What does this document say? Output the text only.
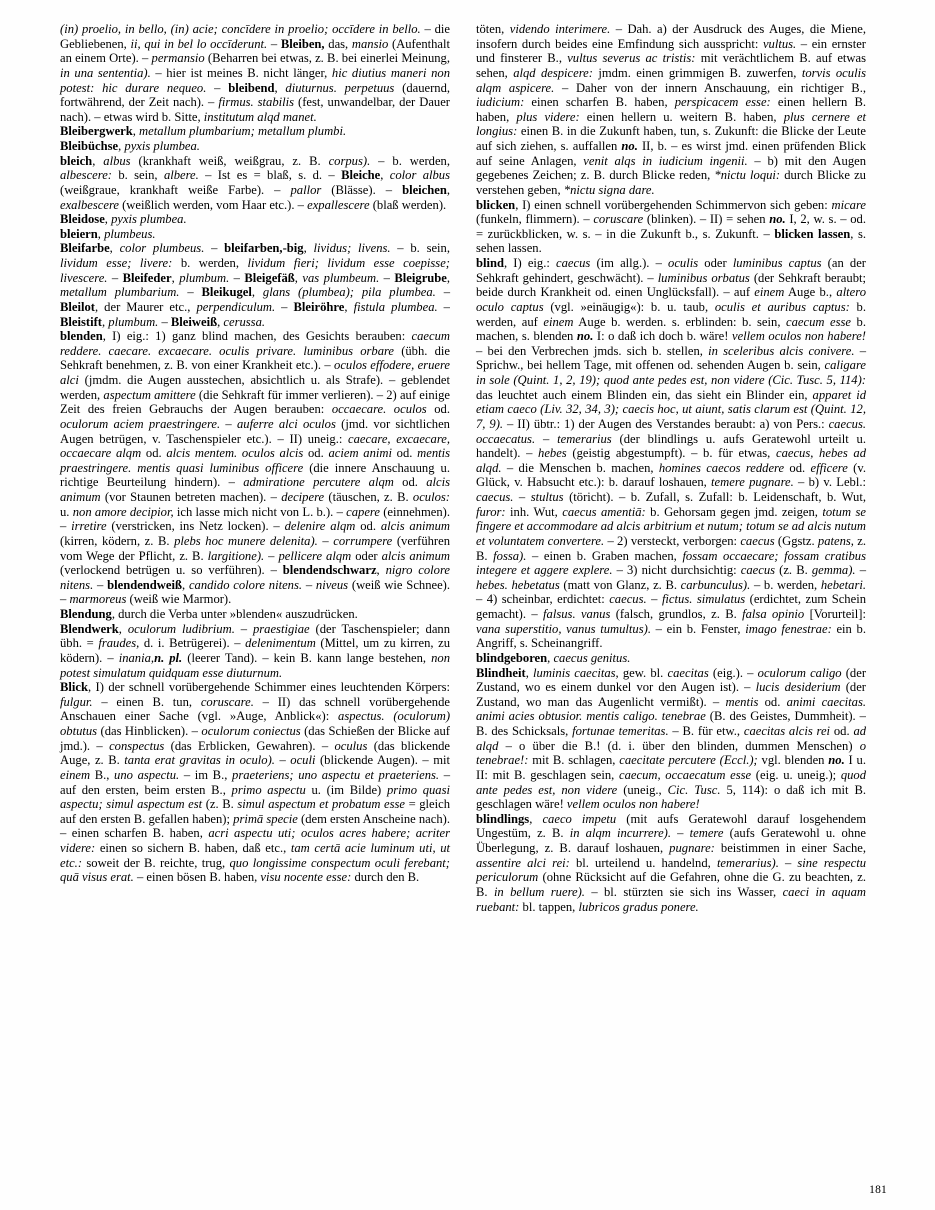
(in) proelio, in bello, (in) acie; concīdere in proelio; occīdere in bello. – die Gebliebenen, ii, qui in bel lo occīderunt. – Bleiben, das, mansio (Aufenthalt an einem Orte). – permansio (Beharren bei etwas, z. B. bei einerlei Meinung, in una sententia). – hier ist meines B. nicht länger, hic diutius maneri non potest: hic durare nequeo. – bleibend, diuturnus. perpetuus (dauernd, fortwährend, der Zeit nach). – firmus. stabilis (fest, unwandelbar, der Dauer nach). – etwas wird b. Sitte, institutum alqd manet.

Bleibergwerk, metallum plumbarium; metallum plumbi.

Bleibüchse, pyxis plumbea.

bleich, albus (krankhaft weiß, weißgrau, z. B. corpus). – b. werden, albescere: b. sein, albere. – Ist es = blaß, s. d. – Bleiche, color albus (weißgraue, krankhaft weiße Farbe). – pallor (Blässe). – bleichen, exalbescere (weißlich werden, vom Haar etc.). – expallescere (blaß werden).

Bleidose, pyxis plumbea.

bleiern, plumbeus.

Bleifarbe, color plumbeus. – bleifarben,-big, lividus; livens. – b. sein, lividum esse; livere: b. werden, lividum fieri; lividum esse coepisse; livescere. – Bleifeder, plumbum. – Bleigefäß, vas plumbeum. – Bleigrube, metallum plumbarium. – Bleikugel, glans (plumbea); pila plumbea. – Bleilot, der Maurer etc., perpendiculum. – Bleiröhre, fistula plumbea. – Bleistift, plumbum. – Bleiweiß, cerussa.

blenden, I) eig.: 1) ganz blind machen, des Gesichts berauben: caecum reddere. caecare. excaecare. oculis privare. luminibus orbare (übh. die Sehkraft benehmen, z. B. von einer Krankheit etc.). – oculos effodere, eruere alci (jmdm. die Augen ausstechen, absichtlich u. als Strafe). – geblendet werden, aspectum amittere (die Sehkraft für immer verlieren). – 2) auf einige Zeit des freien Gebrauchs der Augen berauben: occaecare. oculos od. oculorum aciem praestringere. – auferre alci oculos (jmd. vor sichtlichen Augen betrügen, v. Taschenspieler etc.). – II) uneig.: caecare, excaecare, occaecare alqm od. alcis mentem. oculos alcis od. aciem animi od. mentis praestringere. mentis quasi luminibus officere (die innere Anschauung u. richtige Beurteilung hindern). – admiratione percutere alqm od. alcis animum (vor Staunen betreten machen). – decipere (täuschen, z. B. oculos: u. non amore decipior, ich lasse mich nicht von L. b.). – capere (einnehmen). – irretire (verstricken, ins Netz locken). – delenire alqm od. alcis animum (kirren, ködern, z. B. plebs hoc munere delenita). – corrumpere (verführen vom Wege der Pflicht, z. B. largitione). – pellicere alqm oder alcis animum (verlockend betrügen u. so verführen). – blendendschwarz, nigro colore nitens. – blendendweiß, candido colore nitens. – niveus (weiß wie Schnee). – marmoreus (weiß wie Marmor).

Blendung, durch die Verba unter »blenden« auszudrücken.

Blendwerk, oculorum ludibrium. – praestigiae (der Taschenspieler; dann übh. = fraudes, d. i. Betrügerei). – delenimentum (Mittel, um zu kirren, zu ködern). – inania,n. pl. (leerer Tand). – kein B. kann lange bestehen, non potest simulatum quidquam esse diuturnum.

Blick, I) der schnell vorübergehende Schimmer eines leuchtenden Körpers: fulgur. – einen B. tun, coruscare. – II) das schnell vorübergehende Anschauen einer Sache (vgl. »Auge, Anblick«): aspectus. (oculorum) obtutus (das Hinblicken). – oculorum coniectus (das Schießen der Blicke auf jmd.). – conspectus (das Erblicken, Gewahren). – oculus (das blickende Auge, z. B. tanta erat gravitas in oculo). – oculi (blickende Augen). – mit einem B., uno aspectu. – im B., praeteriens; uno aspectu et praeteriens. – auf den ersten, beim ersten B., primo aspectu u. (im Bilde) primo quasi aspectu; simul aspectum est (z. B. simul aspectum et probatum esse = gleich auf den ersten B. gefallen haben); primā specie (dem ersten Anscheine nach). – einen scharfen B. haben, acri aspectu uti; oculos acres habere; acriter videre: einen so sichern B. haben, daß etc., tam certā acie luminum uti, ut etc.: soweit der B. reichte, trug, quo longissime conspectum oculi ferebant; quā visus erat. – einen bösen B. haben, visu nocente esse: durch den B.

töten, videndo interimere. – Dah. a) der Ausdruck des Auges, die Miene, insofern durch beides eine Emfindung sich ausspricht: vultus. – ein ernster und finsterer B., vultus severus ac tristis: mit verächtlichem B. auf etwas sehen, alqd despicere: jmdm. einen grimmigen B. zuwerfen, torvis oculis alqm aspicere. – Daher von der innern Anschauung, ein richtiger B., iudicium: einen scharfen B. haben, perspicacem esse: einen hellern B. haben, plus videre: einen hellern u. weitern B. haben, plus cernere et longius: einen B. in die Zukunft haben, tun, s. Zukunft: die Blicke der Leute auf sich ziehen, s. auffallen no. II, b. – es wirst jmd. einen prüfenden Blick auf seine Anlagen, venit alqs in iudicium ingenii. – b) mit den Augen gegebenes Zeichen; z. B. durch Blicke reden, *nictu loqui: durch Blicke zu verstehen geben, *nictu signa dare.

blicken, I) einen schnell vorübergehenden Schimmervon sich geben: micare (funkeln, flimmern). – coruscare (blinken). – II) = sehen no. I, 2, w. s. – od. = zurückblicken, w. s. – in die Zukunft b., s. Zukunft. – blicken lassen, s. sehen lassen.

blind, I) eig.: caecus (im allg.). – oculis oder luminibus captus (an der Sehkraft gehindert, geschwächt). – luminibus orbatus (der Sehkraft beraubt; beide durch Krankheit od. einen Unglücksfall). – auf einem Auge b., altero oculo captus (vgl. »einäugig«): b. u. taub, oculis et auribus captus: b. werden, auf einem Auge b. werden. s. erblinden: b. sein, caecum esse b. machen, s. blenden no. I: o daß ich doch b. wäre! vellem oculos non habere! – bei den Verbrechen jmds. sich b. stellen, in sceleribus alcis conivere. – Sprichw., bei hellem Tage, mit offenen od. sehenden Augen b. sein, caligare in sole (Quint. 1, 2, 19); quod ante pedes est, non videre (Cic. Tusc. 5, 114): das leuchtet auch einem Blinden ein, das sieht ein Blinder ein, apparet id etiam caeco (Liv. 32, 34, 3); caecis hoc, ut aiunt, satis clarum est (Quint. 12, 7, 9). – II) übtr.: 1) der Augen des Verstandes beraubt: a) von Pers.: caecus. occaecatus. – temerarius (der blindlings u. aufs Geratewohl urteilt u. handelt). – hebes (geistig abgestumpft). – b. für etwas, caecus, hebes ad alqd. – die Menschen b. machen, homines caecos reddere od. efficere (v. Glück, v. Habsucht etc.): b. darauf loshauen, temere pugnare. – b) v. Lebl.: caecus. – stultus (töricht). – b. Zufall, s. Zufall: b. Leidenschaft, b. Wut, furor: inh. Wut, caecus amentiā: b. Gehorsam gegen jmd. zeigen, totum se fingere et accommodare ad alcis arbitrium et nutum; totum se ad alcis nutum et voluntatem convertere. – 2) versteckt, verborgen: caecus (Ggstz. patens, z. B. fossa). – einen b. Graben machen, fossam occaecare; fossam cratibus integere et aggere explere. – 3) nicht durchsichtig: caecus (z. B. gemma). – hebes. hebetatus (matt von Glanz, z. B. carbunculus). – b. werden, hebetari. – 4) scheinbar, erdichtet: caecus. – fictus. simulatus (erdichtet, zum Schein gemacht). – falsus. vanus (falsch, grundlos, z. B. falsa opinio [Vorurteil]: vana superstitio, vanus tumultus). – ein b. Fenster, imago fenestrae: ein b. Angriff, s. Scheinangriff.

blindgeboren, caecus genitus.

Blindheit, luminis caecitas, gew. bl. caecitas (eig.). – oculorum caligo (der Zustand, wo es einem dunkel vor den Augen ist). – lucis desiderium (der Zustand, wo man das Augenlicht vermißt). – mentis od. animi caecitas. animi acies obtusior. mentis caligo. tenebrae (B. des Geistes, Dummheit). – B. des Schicksals, fortunae temeritas. – B. für etw., caecitas alcis rei od. ad alqd – o über die B.! (d. i. über den blinden, dummen Menschen) o tenebrae!: mit B. schlagen, caecitate percutere (Eccl.); vgl. blenden no. I u. II: mit B. geschlagen sein, caecum, occaecatum esse (eig. u. uneig.); quod ante pedes est, non videre (uneig., Cic. Tusc. 5, 114): o daß ich mit B. geschlagen wäre! vellem oculos non habere!

blindlings, caeco impetu (mit aufs Geratewohl darauf losgehendem Ungestüm, z. B. in alqm incurrere). – temere (aufs Geratewohl u. ohne Überlegung, z. B. darauf loshauen, pugnare: beistimmen in einer Sache, assentire alci rei: bl. urteilend u. handelnd, temerarius). – sine respectu periculorum (ohne Rücksicht auf die Gefahren, ohne die G. zu beachten, z. B. in bellum ruere). – bl. stürzten sie sich ins Wasser, caeci in aquam ruebant: bl. tappen, lubricos gradus ponere.

181
